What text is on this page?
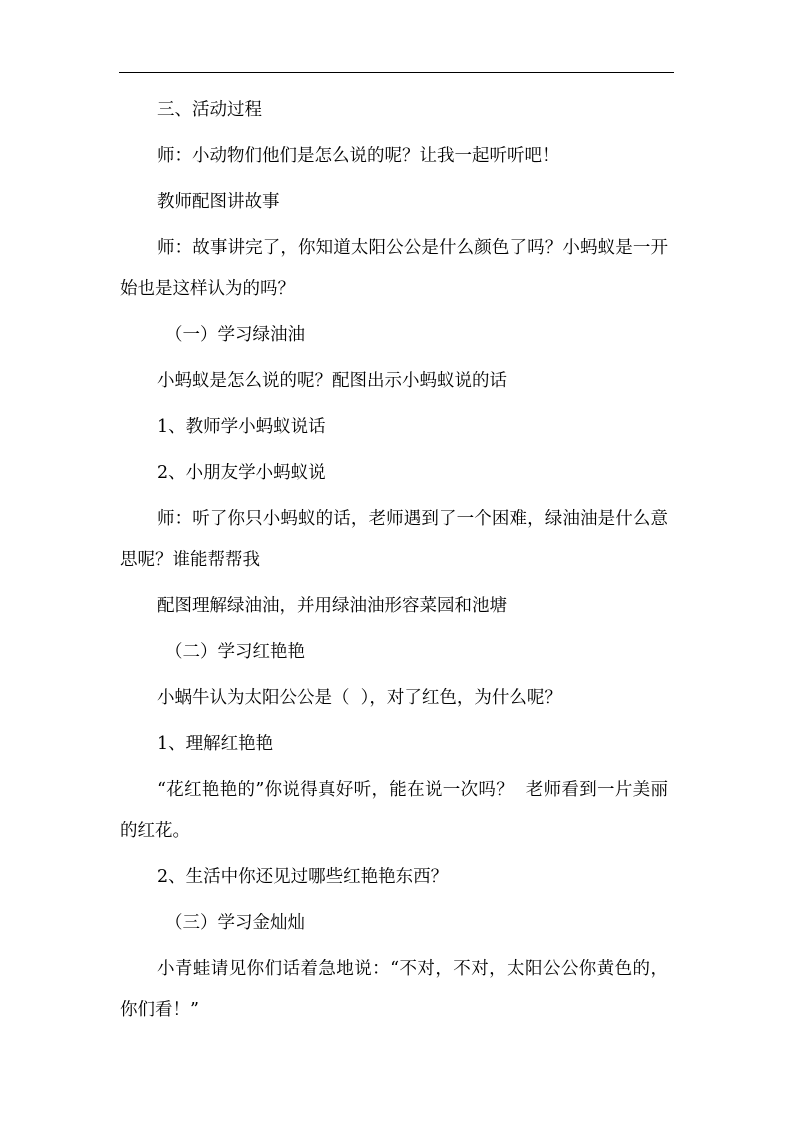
三、活动过程

师：小动物们他们是怎么说的呢？让我一起听听吧！

教师配图讲故事

师：故事讲完了，你知道太阳公公是什么颜色了吗？小蚂蚁是一开始也是这样认为的吗？

（一）学习绿油油

小蚂蚁是怎么说的呢？配图出示小蚂蚁说的话

1、教师学小蚂蚁说话

2、小朋友学小蚂蚁说

师：听了你只小蚂蚁的话，老师遇到了一个困难，绿油油是什么意思呢？谁能帮帮我

配图理解绿油油，并用绿油油形容菜园和池塘

（二）学习红艳艳

小蜗牛认为太阳公公是（  ），对了红色，为什么呢？

1、理解红艳艳

“花红艳艳的”你说得真好听，能在说一次吗？  老师看到一片美丽的红花。

2、生活中你还见过哪些红艳艳东西？

（三）学习金灿灿

小青蛙请见你们话着急地说：“不对，不对，太阳公公你黄色的，你们看！”
